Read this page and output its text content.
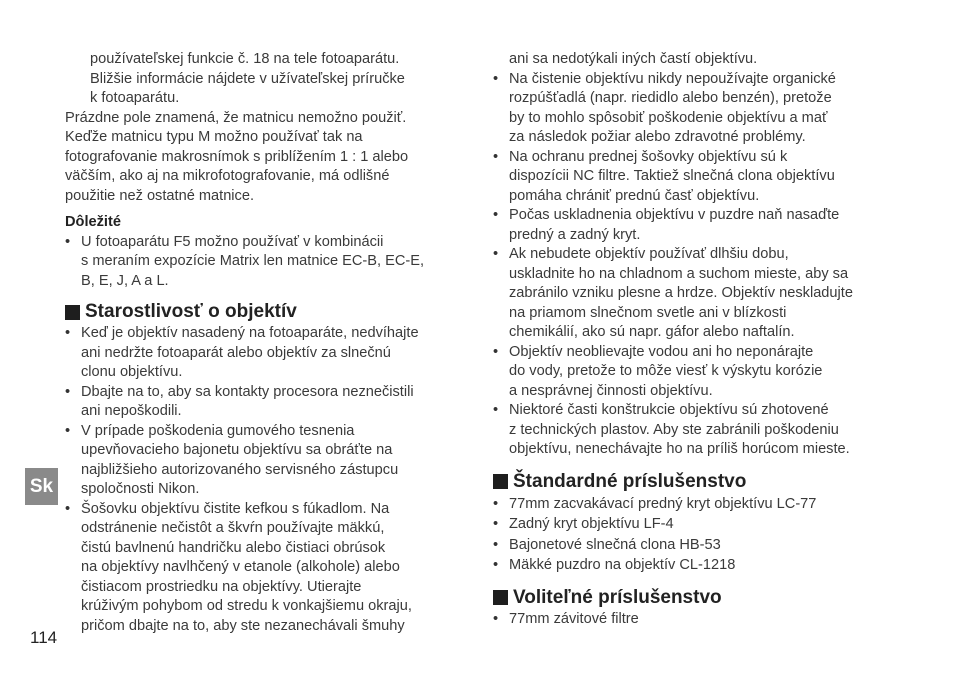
používateľskej funkcie č. 18 na tele fotoaparátu.

Bližšie informácie nájdete v užívateľskej príručke

k fotoaparátu.

Prázdne pole znamená, že matnicu nemožno použiť.

Keďže matnicu typu M možno používať tak na

fotografovanie makrosnímok s priblížením 1 : 1 alebo

väčším, ako aj na mikrofotografovanie, má odlišné

použitie než ostatné matnice.

Dôležité

• U fotoaparátu F5 možno používať v kombinácii
s meraním expozície Matrix len matnice EC-B, EC-E,
B, E, J, A a L.
Starostlivosť o objektív
• Keď je objektív nasadený na fotoaparáte, nedvíhajte
ani nedržte fotoaparát alebo objektív za slnečnú
clonu objektívu.
• Dbajte na to, aby sa kontakty procesora neznečistili
ani nepoškodili.
• V prípade poškodenia gumového tesnenia
upevňovacieho bajonetu objektívu sa obráťte na
najbližšieho autorizovaného servisného zástupcu
spoločnosti Nikon.
• Šošovku objektívu čistite kefkou s fúkadlom. Na
odstránenie nečistôt a škvŕn používajte mäkkú,
čistú bavlnenú handričku alebo čistiaci obrúsok
na objektívy navlhčený v etanole (alkohole) alebo
čistiacom prostriedku na objektívy. Utierajte
krúživým pohybom od stredu k vonkajšiemu okraju,
pričom dbajte na to, aby ste nezanechávali šmuhy

ani sa nedotýkali iných častí objektívu.

• Na čistenie objektívu nikdy nepoužívajte organické
rozpúšťadlá (napr. riedidlo alebo benzén), pretože
by to mohlo spôsobiť poškodenie objektívu a mať
za následok požiar alebo zdravotné problémy.
• Na ochranu prednej šošovky objektívu sú k
dispozícii NC filtre. Taktiež slnečná clona objektívu
pomáha chrániť prednú časť objektívu.
• Počas uskladnenia objektívu v puzdre naň nasaďte
predný a zadný kryt.
• Ak nebudete objektív používať dlhšiu dobu,
uskladnite ho na chladnom a suchom mieste, aby sa
zabránilo vzniku plesne a hrdze. Objektív neskladujte
na priamom slnečnom svetle ani v blízkosti
chemikálií, ako sú napr. gáfor alebo naftalín.
• Objektív neoblievajte vodou ani ho neponárajte
do vody, pretože to môže viesť k výskytu korózie
a nesprávnej činnosti objektívu.
• Niektoré časti konštrukcie objektívu sú zhotovené
z technických plastov. Aby ste zabránili poškodeniu
objektívu, nenechávajte ho na príliš horúcom mieste.
Štandardné príslušenstvo
• 77mm zacvakávací predný kryt objektívu LC-77
• Zadný kryt objektívu LF-4
• Bajonetové slnečná clona HB-53
• Mäkké puzdro na objektív CL-1218
Voliteľné príslušenstvo
• 77mm závitové filtre
Sk
114
